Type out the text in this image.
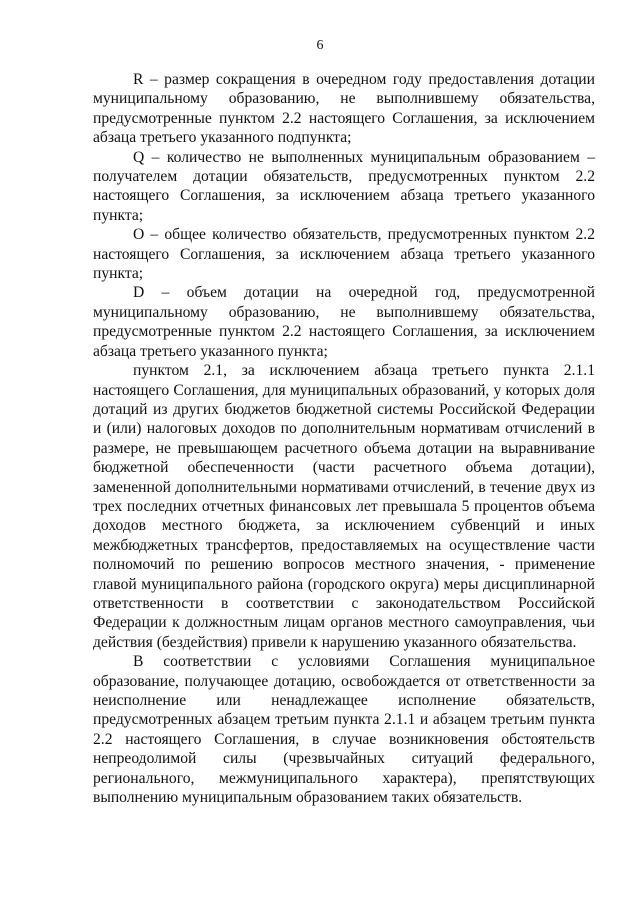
6

R – размер сокращения в очередном году предоставления дотации муниципальному образованию, не выполнившему обязательства, предусмотренные пунктом 2.2 настоящего Соглашения, за исключением абзаца третьего указанного подпункта;

Q – количество не выполненных муниципальным образованием – получателем дотации обязательств, предусмотренных пунктом 2.2 настоящего Соглашения, за исключением абзаца третьего указанного пункта;

O – общее количество обязательств, предусмотренных пунктом 2.2 настоящего Соглашения, за исключением абзаца третьего указанного пункта;

D – объем дотации на очередной год, предусмотренной муниципальному образованию, не выполнившему обязательства, предусмотренные пунктом 2.2 настоящего Соглашения, за исключением абзаца третьего указанного пункта;

пунктом 2.1, за исключением абзаца третьего пункта 2.1.1 настоящего Соглашения, для муниципальных образований, у которых доля дотаций из других бюджетов бюджетной системы Российской Федерации и (или) налоговых доходов по дополнительным нормативам отчислений в размере, не превышающем расчетного объема дотации на выравнивание бюджетной обеспеченности (части расчетного объема дотации), замененной дополнительными нормативами отчислений, в течение двух из трех последних отчетных финансовых лет превышала 5 процентов объема доходов местного бюджета, за исключением субвенций и иных межбюджетных трансфертов, предоставляемых на осуществление части полномочий по решению вопросов местного значения, - применение главой муниципального района (городского округа) меры дисциплинарной ответственности в соответствии с законодательством Российской Федерации к должностным лицам органов местного самоуправления, чьи действия (бездействия) привели к нарушению указанного обязательства.

В соответствии с условиями Соглашения муниципальное образование, получающее дотацию, освобождается от ответственности за неисполнение или ненадлежащее исполнение обязательств, предусмотренных абзацем третьим пункта 2.1.1 и абзацем третьим пункта 2.2 настоящего Соглашения, в случае возникновения обстоятельств непреодолимой силы (чрезвычайных ситуаций федерального, регионального, межмуниципального характера), препятствующих выполнению муниципальным образованием таких обязательств.
